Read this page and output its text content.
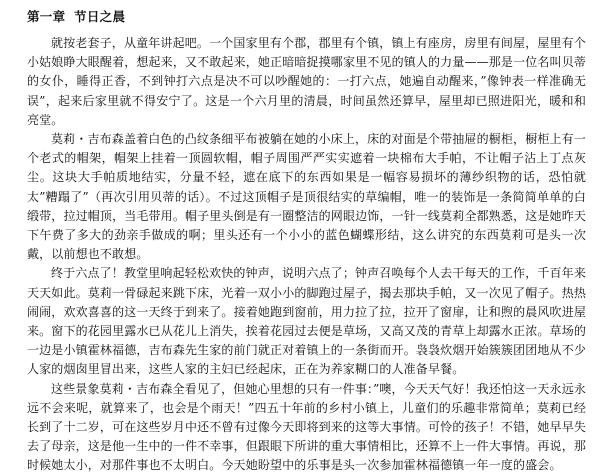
第一章 节日之晨

就按老套子，从童年讲起吧。一个国家里有个郡，郡里有个镇，镇上有座房，房里有间屋，屋里有个小姑娘睁大眼醒着，想起来，又不敢起来，她正暗暗捉摸哪家里不见的镇人的力量——那是一位名叫贝蒂的女仆，睡得正香，不到钟打六点是决不可以吵醒她的：一打六点，她遍自动醒来，”像钟表一样准确无误”，起来后家里就不得安宁了。这是一个六月里的清晨，时间虽然还算早，屋里却已照进阳光，暖和和亮堂。

莫莉・吉布森盖着白色的凸纹条细平布被躺在她的小床上，床的对面是个带抽屉的橱柜，橱柜上有一个老式的帽架，帽架上挂着一顶圆软帽，帽子周围严严实实遮着一块棉布大手帕，不让帽子沾上丁点灰尘。这块大手帕质地结实，分量不轻，遮在底下的东西如果是一幅容易损坏的薄纱织物的话，恐怕就太”糟蹋了”（再次引用贝蒂的话）。不过这顶帽子是顶很结实的草编帽，唯一的装饰是一条简简单单的白缎带，拉过帽顶，当毛带用。帽子里头倒是有一圈整洁的网眼边饰，一针一线莫莉全都熟悉，这是她昨天下午费了多大的劲亲手做成的啊；里头还有一个小小的蓝色蝴蝶形结，这么讲究的东西莫莉可是头一次戴，以前想也不敢想。

终于六点了！教堂里响起轻松欢快的钟声，说明六点了；钟声召唤每个人去干每天的工作，千百年来天天如此。莫莉一骨碌起来跳下床，光着一双小小的脚跑过屋子，揭去那块手帕，又一次见了帽子。热热闹闹，欢欢喜喜的这一天终于到来了。接着她跑到窗前，用力拉了拉，拉开了窗扉，让和煦的晨风吹进屋来。窗下的花园里露水已从花儿上消失，挨着花园过去便是草场，又高又茂的青草上却露水正浓。草场的一边是小镇霍林福德，吉布森先生家的前门就正对着镇上的一条街而开。袅袅炊烟开始簇簇团团地从不少人家的烟囱里冒出来，这些人家的主妇已经起床，正在为养家糊口的人准备早餐。

这些景象莫莉・吉布森全看见了，但她心里想的只有一件事：”噢，今天天气好！我还怕这一天永远永远不会来呢，就算来了，也会是个雨天！”四五十年前的乡村小镇上，儿童们的乐趣非常简单；莫莉已经长到了十二岁，可在这些岁月中还不曾有过像今天即将到来的这等大事情。可怜的孩子！不错，她早早失去了母亲，这是他一生中的一件不幸事，但跟眼下所讲的重大事情相比，还算不上一件大事情。再说，那时候她太小，对那件事也不太明白。今天她盼望中的乐事是头一次参加霍林福德镇一年一度的盛会。
